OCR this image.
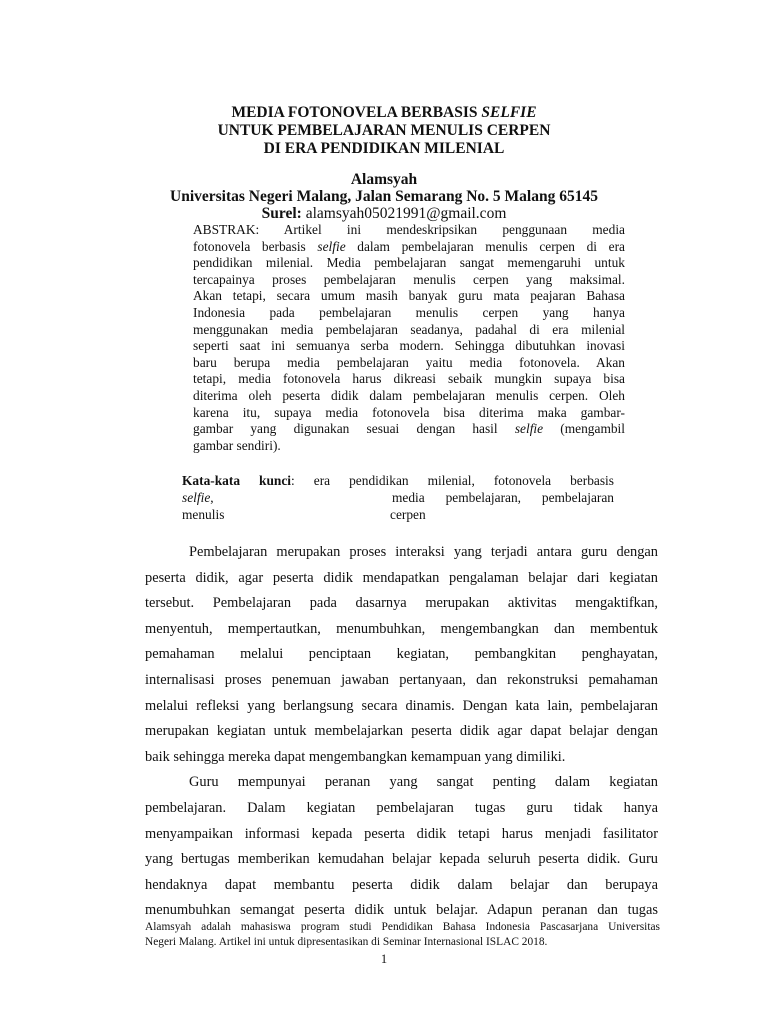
MEDIA FOTONOVELA BERBASIS SELFIE
UNTUK PEMBELAJARAN MENULIS CERPEN
DI ERA PENDIDIKAN MILENIAL
Alamsyah
Universitas Negeri Malang, Jalan Semarang No. 5 Malang 65145
Surel: alamsyah05021991@gmail.com
ABSTRAK: Artikel ini mendeskripsikan penggunaan media
fotonovela berbasis selfie dalam pembelajaran menulis cerpen di era
pendidikan milenial. Media pembelajaran sangat memengaruhi untuk
tercapainya proses pembelajaran menulis cerpen yang maksimal.
Akan tetapi, secara umum masih banyak guru mata peajaran Bahasa
Indonesia pada pembelajaran menulis cerpen yang hanya
menggunakan media pembelajaran seadanya, padahal di era milenial
seperti saat ini semuanya serba modern. Sehingga dibutuhkan inovasi
baru berupa media pembelajaran yaitu media fotonovela. Akan
tetapi, media fotonovela harus dikreasi sebaik mungkin supaya bisa
diterima oleh peserta didik dalam pembelajaran menulis cerpen. Oleh
karena itu, supaya media fotonovela bisa diterima maka gambar-
gambar yang digunakan sesuai dengan hasil selfie (mengambil
gambar sendiri).
Kata-kata kunci: era pendidikan milenial, fotonovela berbasis
selfie,	media pembelajaran, pembelajaran
menulis	cerpen
Pembelajaran merupakan proses interaksi yang terjadi antara guru dengan
peserta didik, agar peserta didik mendapatkan pengalaman belajar dari kegiatan
tersebut. Pembelajaran pada dasarnya merupakan aktivitas mengaktifkan,
menyentuh, mempertautkan, menumbuhkan, mengembangkan dan membentuk
pemahaman melalui penciptaan kegiatan, pembangkitan penghayatan,
internalisasi proses penemuan jawaban pertanyaan, dan rekonstruksi pemahaman
melalui refleksi yang berlangsung secara dinamis. Dengan kata lain, pembelajaran
merupakan kegiatan untuk membelajarkan peserta didik agar dapat belajar dengan
baik sehingga mereka dapat mengembangkan kemampuan yang dimiliki.
Guru mempunyai peranan yang sangat penting dalam kegiatan
pembelajaran. Dalam kegiatan pembelajaran tugas guru tidak hanya
menyampaikan informasi kepada peserta didik tetapi harus menjadi fasilitator
yang bertugas memberikan kemudahan belajar kepada seluruh peserta didik. Guru
hendaknya dapat membantu peserta didik dalam belajar dan berupaya
menumbuhkan semangat peserta didik untuk belajar. Adapun peranan dan tugas
Alamsyah adalah mahasiswa program studi Pendidikan Bahasa Indonesia Pascasarjana Universitas
Negeri Malang. Artikel ini untuk dipresentasikan di Seminar Internasional ISLAC 2018.
1
